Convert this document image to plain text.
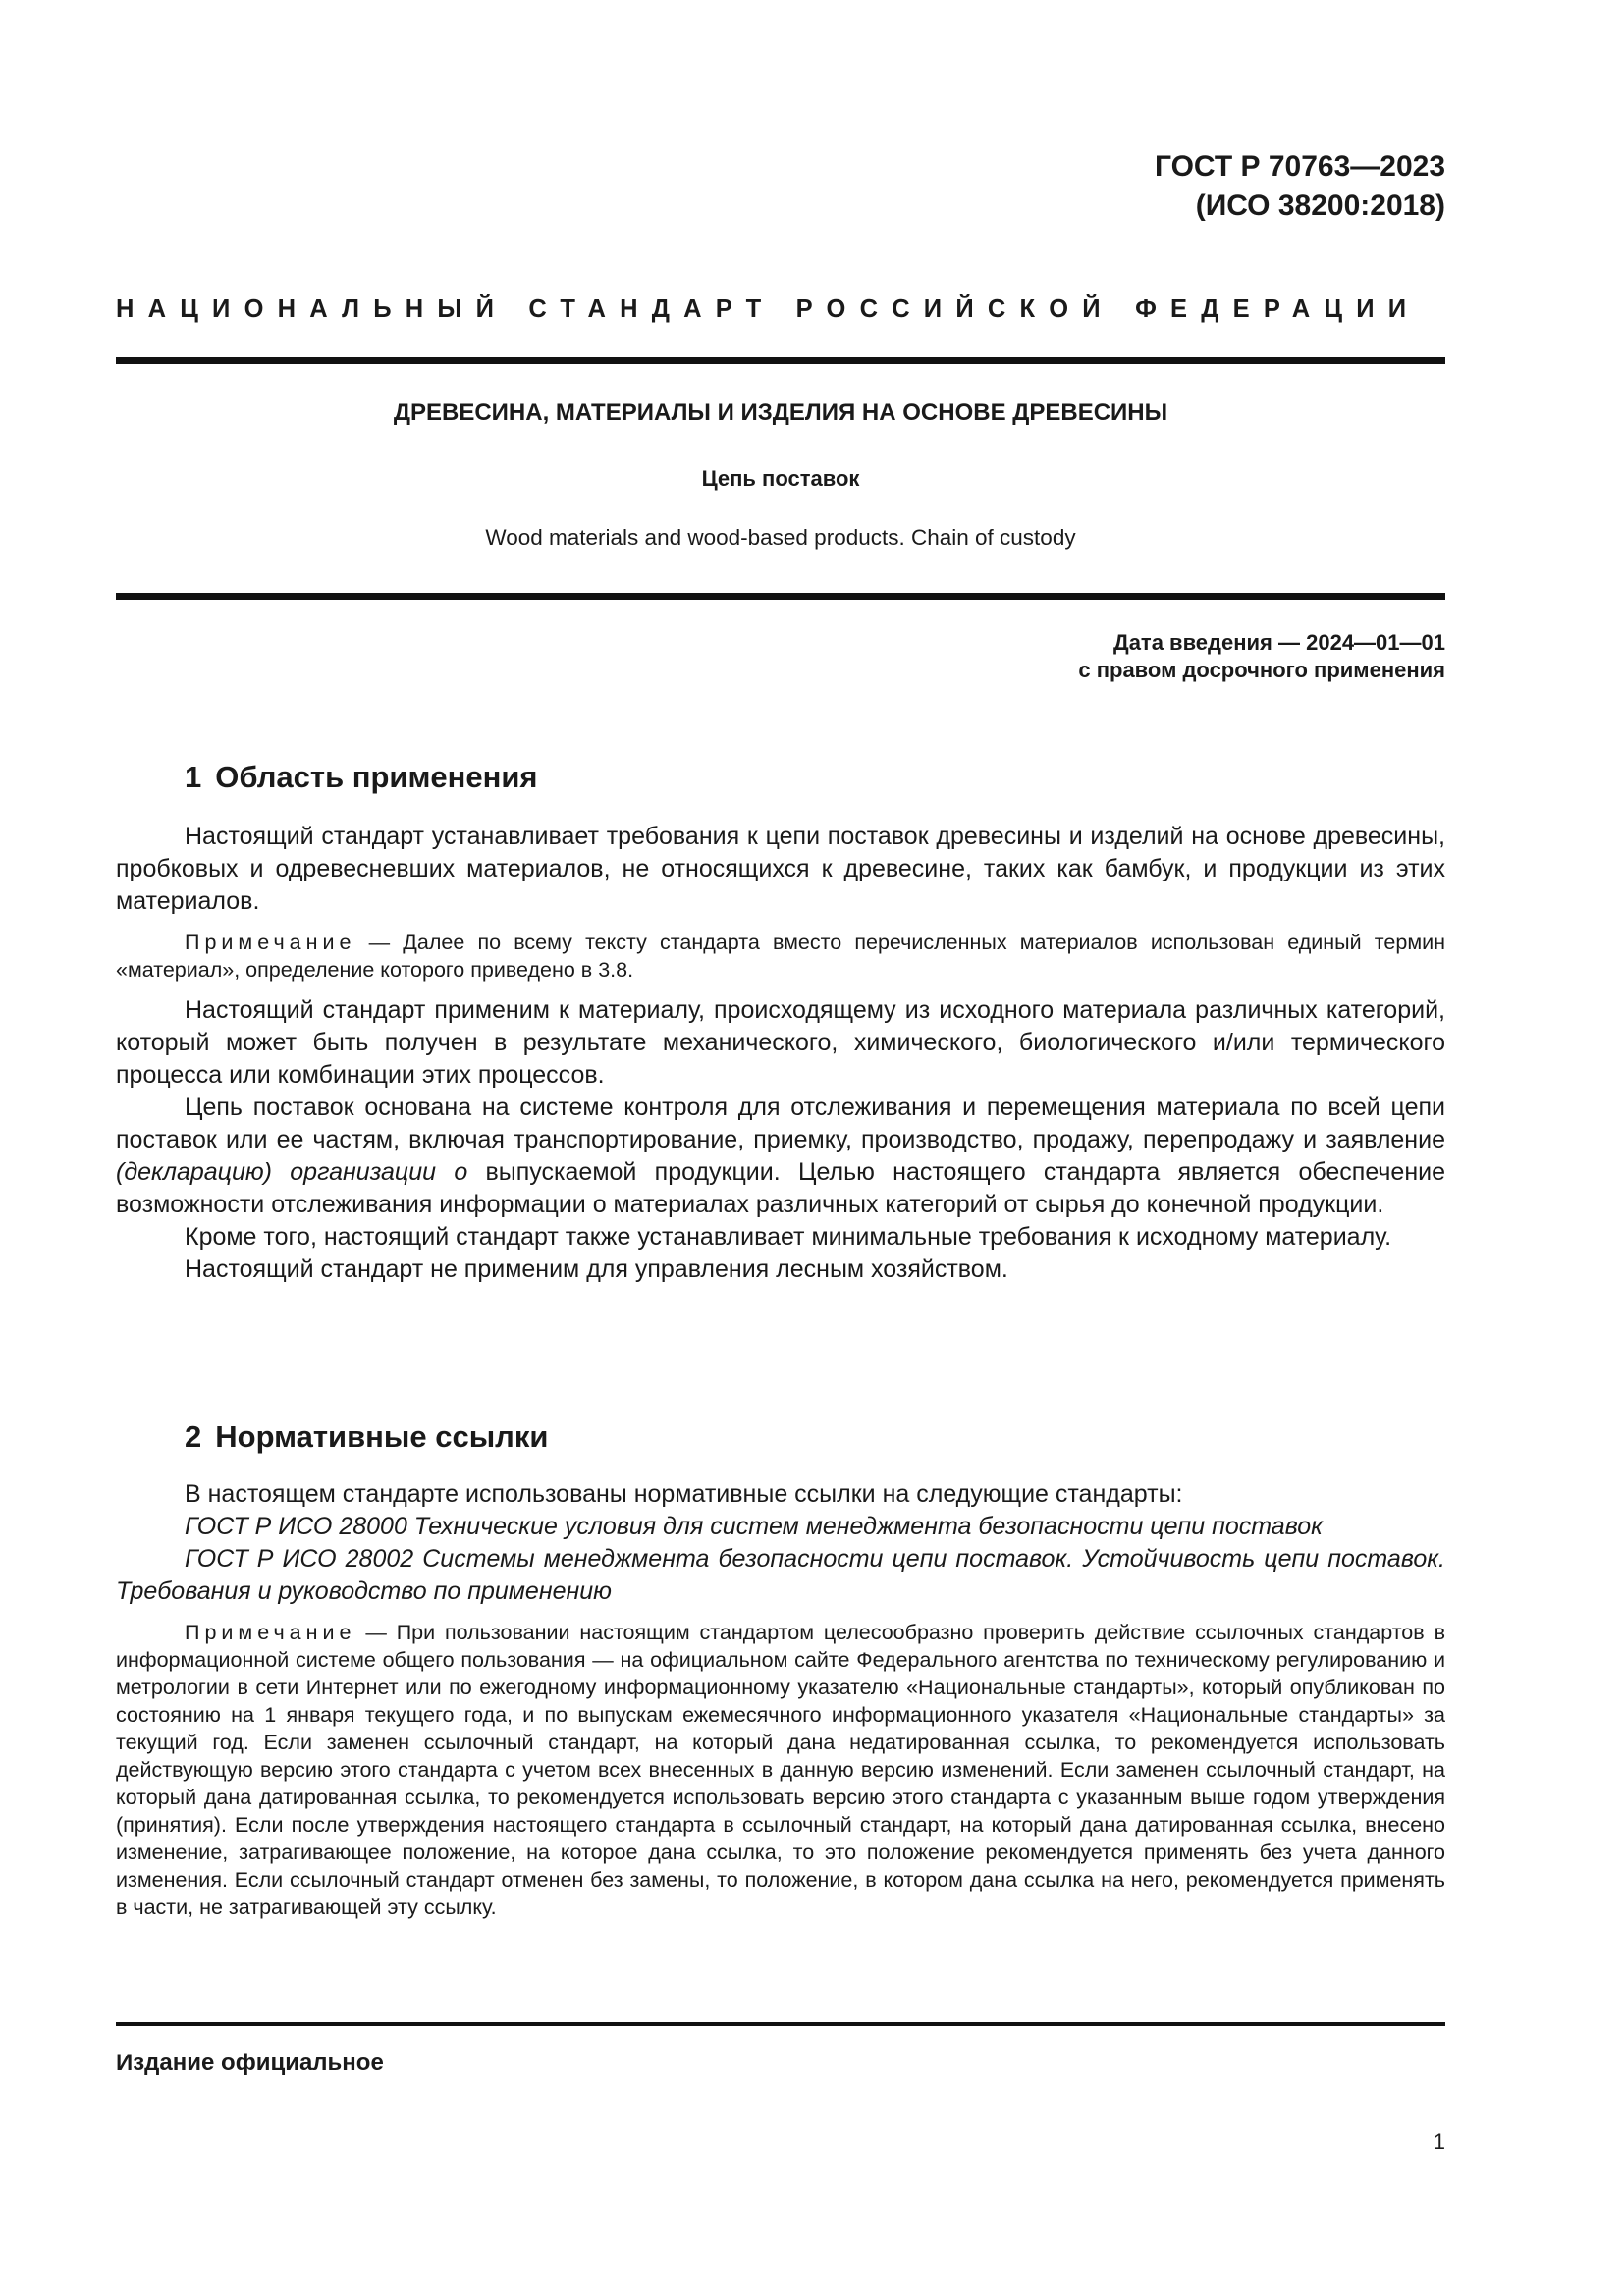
ГОСТ Р 70763—2023
(ИСО 38200:2018)
НАЦИОНАЛЬНЫЙ СТАНДАРТ РОССИЙСКОЙ ФЕДЕРАЦИИ
ДРЕВЕСИНА, МАТЕРИАЛЫ И ИЗДЕЛИЯ НА ОСНОВЕ ДРЕВЕСИНЫ
Цепь поставок
Wood materials and wood-based products. Chain of custody
Дата введения — 2024—01—01
с правом досрочного применения
1 Область применения

Настоящий стандарт устанавливает требования к цепи поставок древесины и изделий на основе древесины, пробковых и одревесневших материалов, не относящихся к древесине, таких как бамбук, и продукции из этих материалов.

Примечание — Далее по всему тексту стандарта вместо перечисленных материалов использован единый термин «материал», определение которого приведено в 3.8.

Настоящий стандарт применим к материалу, происходящему из исходного материала различных категорий, который может быть получен в результате механического, химического, биологического и/или термического процесса или комбинации этих процессов.

Цепь поставок основана на системе контроля для отслеживания и перемещения материала по всей цепи поставок или ее частям, включая транспортирование, приемку, производство, продажу, перепродажу и заявление (декларацию) организации о выпускаемой продукции. Целью настоящего стандарта является обеспечение возможности отслеживания информации о материалах различных категорий от сырья до конечной продукции.

Кроме того, настоящий стандарт также устанавливает минимальные требования к исходному материалу.

Настоящий стандарт не применим для управления лесным хозяйством.

2 Нормативные ссылки

В настоящем стандарте использованы нормативные ссылки на следующие стандарты:

ГОСТ Р ИСО 28000 Технические условия для систем менеджмента безопасности цепи поставок

ГОСТ Р ИСО 28002 Системы менеджмента безопасности цепи поставок. Устойчивость цепи поставок. Требования и руководство по применению

Примечание — При пользовании настоящим стандартом целесообразно проверить действие ссылочных стандартов в информационной системе общего пользования — на официальном сайте Федерального агентства по техническому регулированию и метрологии в сети Интернет или по ежегодному информационному указателю «Национальные стандарты», который опубликован по состоянию на 1 января текущего года, и по выпускам ежемесячного информационного указателя «Национальные стандарты» за текущий год. Если заменен ссылочный стандарт, на который дана недатированная ссылка, то рекомендуется использовать действующую версию этого стандарта с учетом всех внесенных в данную версию изменений. Если заменен ссылочный стандарт, на который дана датированная ссылка, то рекомендуется использовать версию этого стандарта с указанным выше годом утверждения (принятия). Если после утверждения настоящего стандарта в ссылочный стандарт, на который дана датированная ссылка, внесено изменение, затрагивающее положение, на которое дана ссылка, то это положение рекомендуется применять без учета данного изменения. Если ссылочный стандарт отменен без замены, то положение, в котором дана ссылка на него, рекомендуется применять в части, не затрагивающей эту ссылку.

Издание официальное
1
